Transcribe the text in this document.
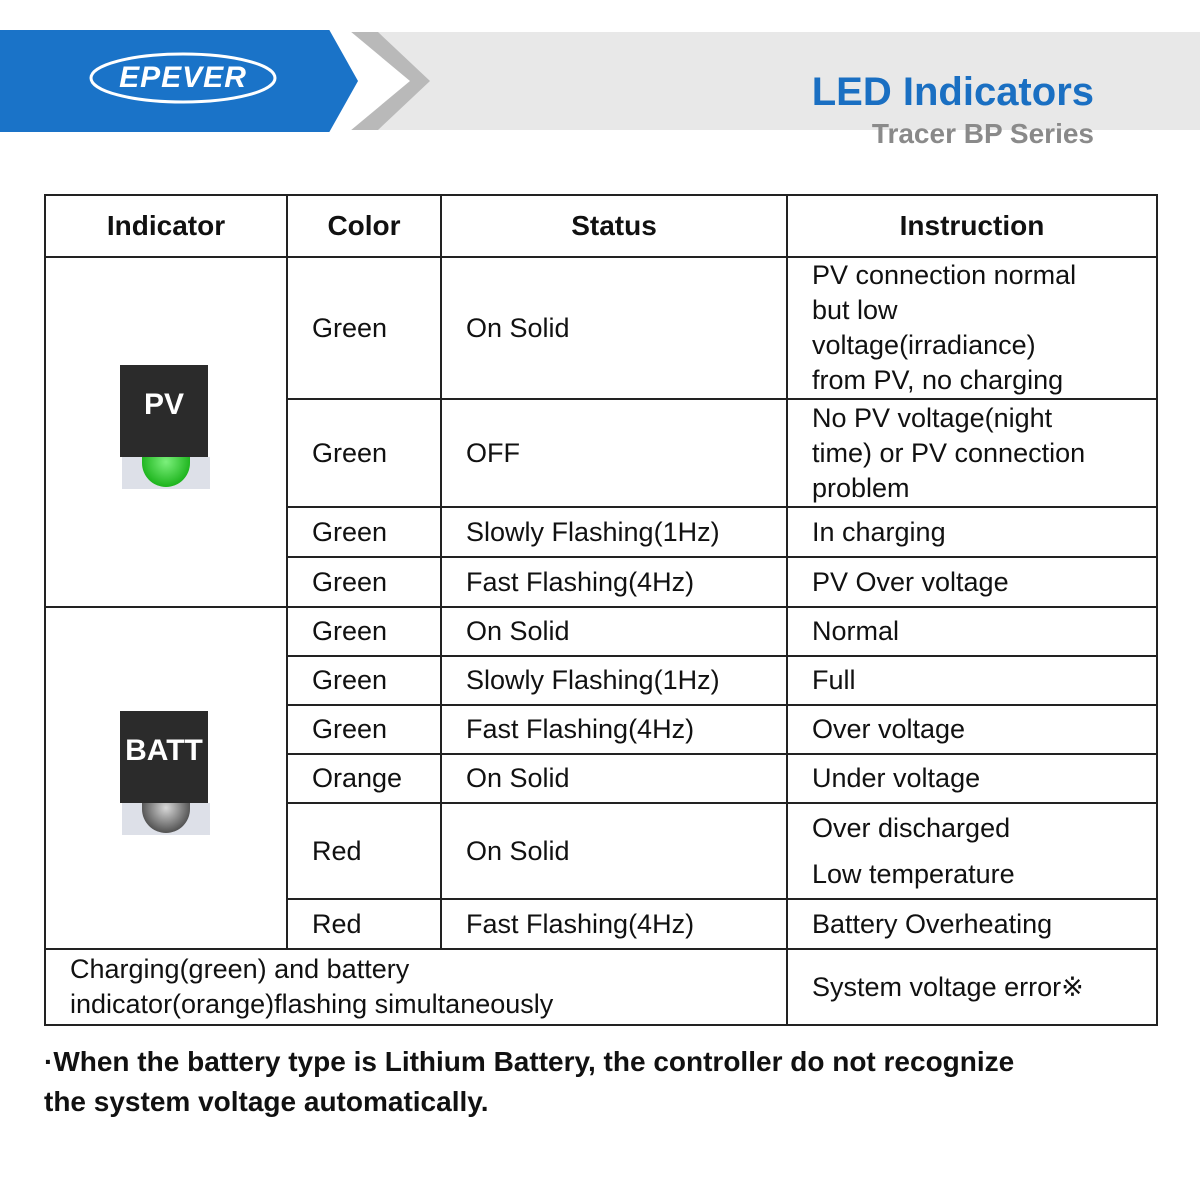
LED Indicators
Tracer BP Series
EPEVER
Indicator	Color	Status	Instruction

PV	Green	On Solid	PV connection normal
but low
voltage(irradiance)
from PV, no charging

	Green	OFF	No PV voltage(night
time) or PV connection
problem

	Green	Slowly Flashing(1Hz)	In charging
	Green	Fast Flashing(4Hz)	PV Over voltage

BATT	Green	On Solid	Normal
	Green	Slowly Flashing(1Hz)	Full
	Green	Fast Flashing(4Hz)	Over voltage
	Orange	On Solid	Under voltage
	Red	On Solid	Over discharged
Low temperature

	Red	Fast Flashing(4Hz)	Battery Overheating

Charging(green) and battery
indicator(orange)flashing simultaneously			System voltage error※
·When the battery type is Lithium Battery, the controller do not recognize
the system voltage automatically.
